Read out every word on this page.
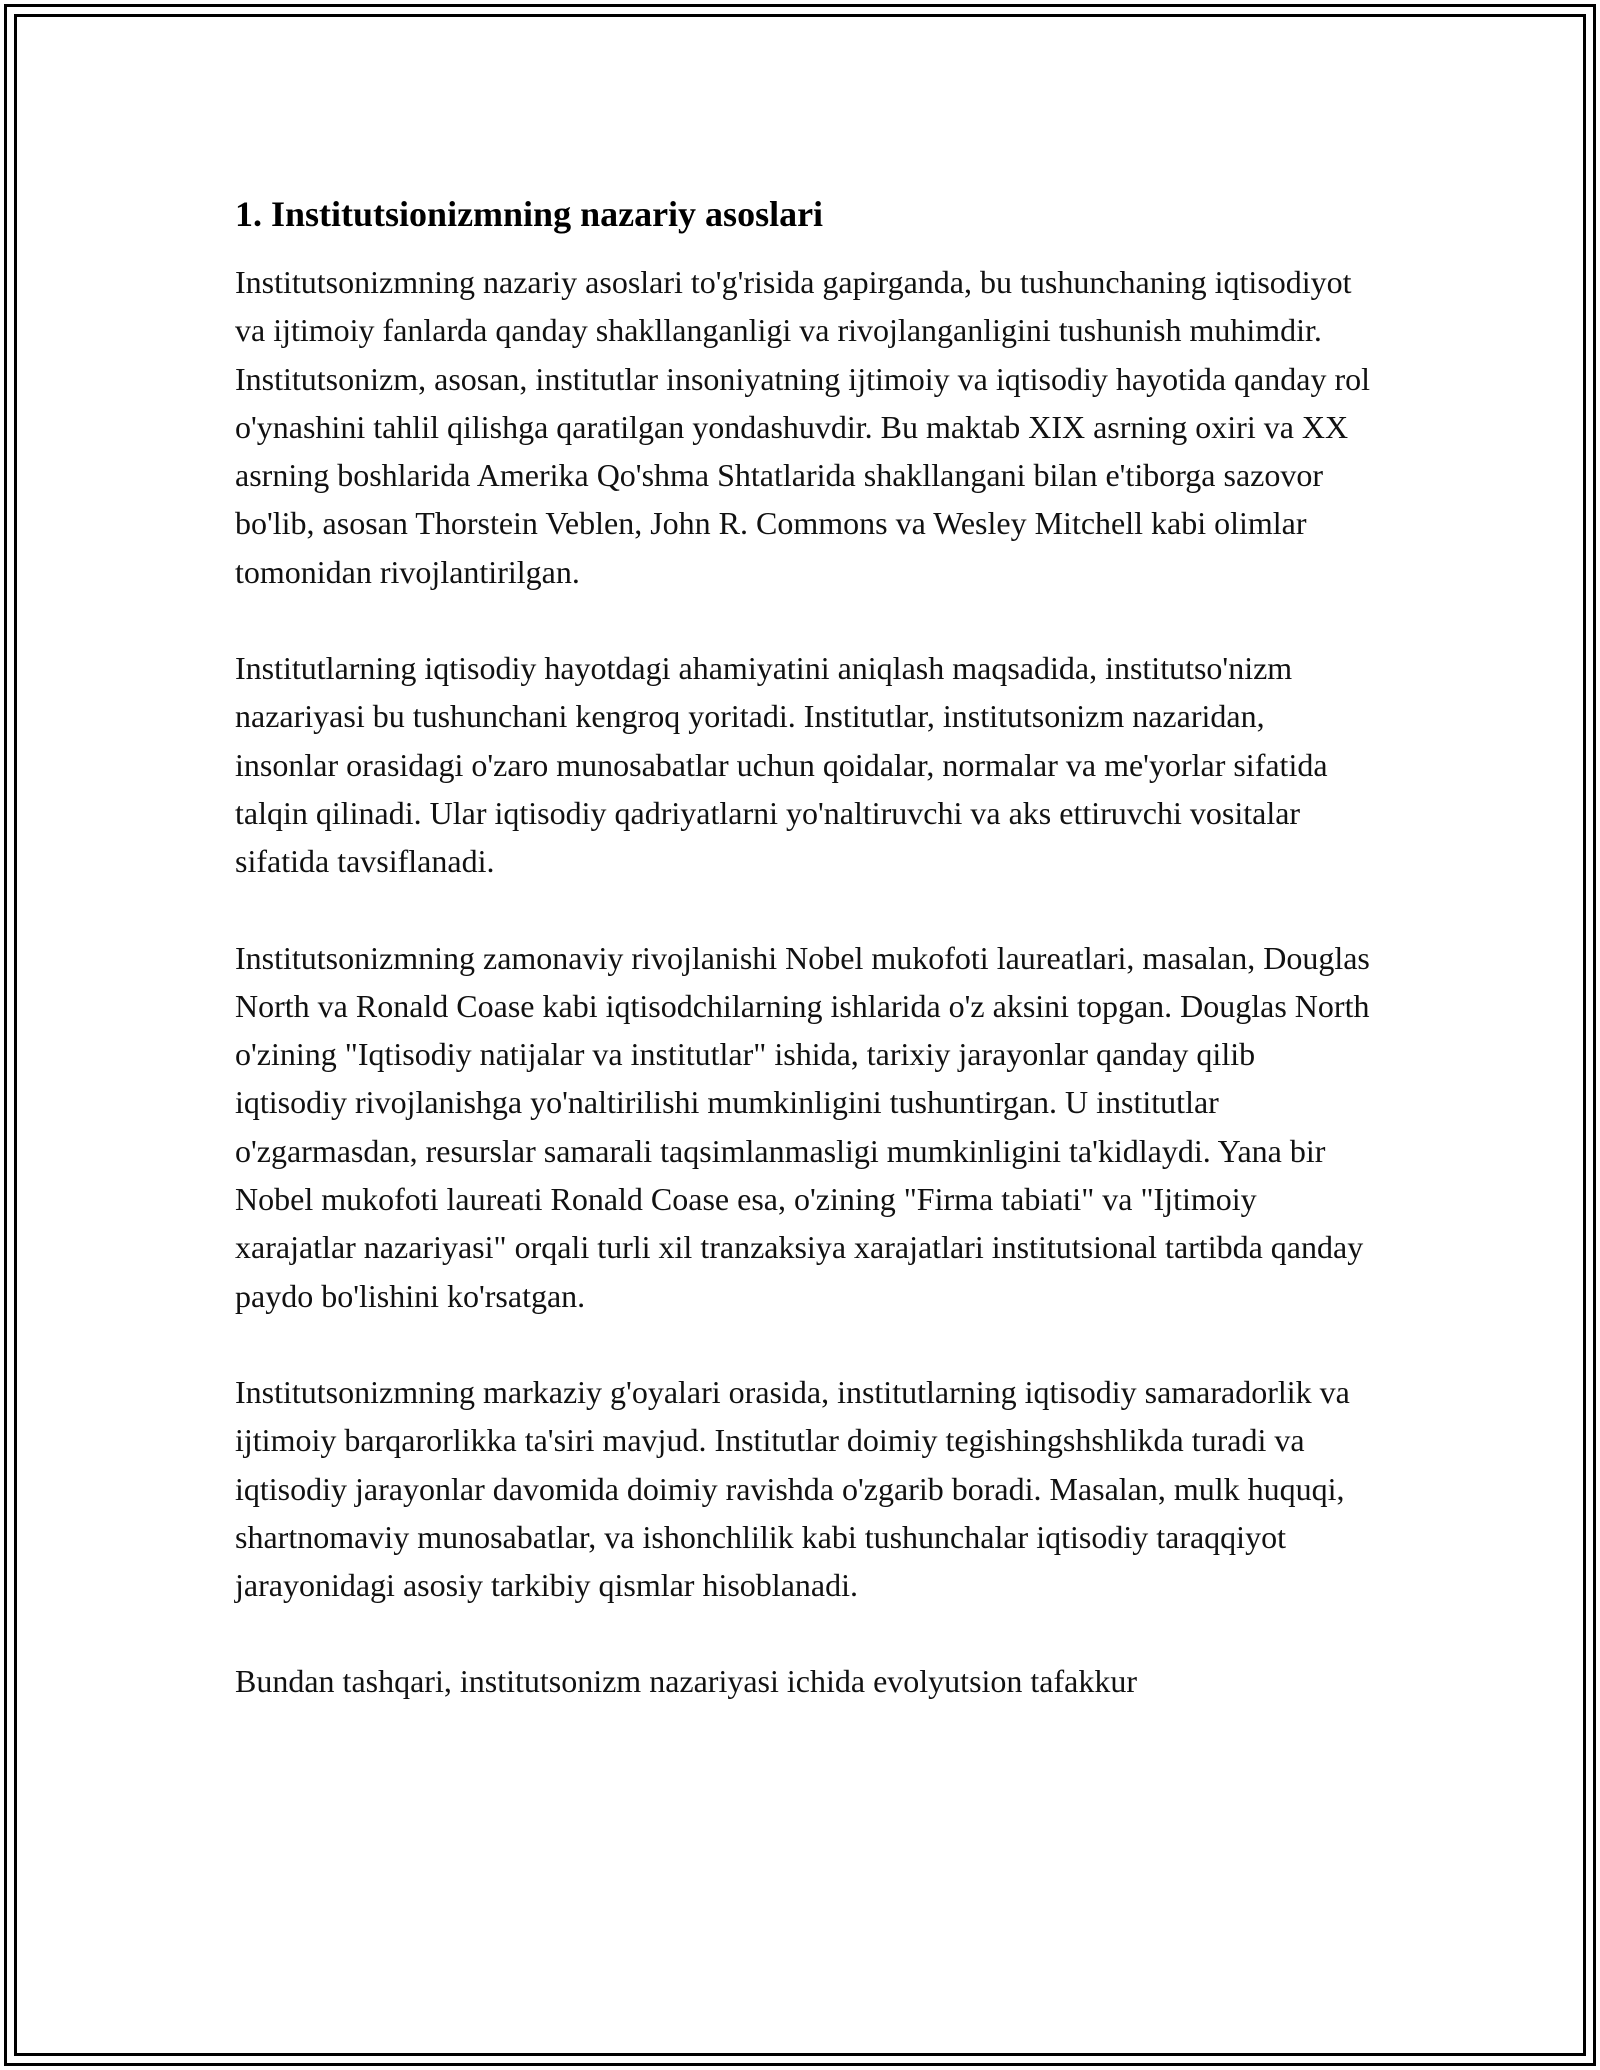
1. Institutsionizmning nazariy asoslari

Institutsonizmning nazariy asoslari to'g'risida gapirganda, bu tushunchaning iqtisodiyot va ijtimoiy fanlarda qanday shakllanganligi va rivojlanganligini tushunish muhimdir. Institutsonizm, asosan, institutlar insoniyatning ijtimoiy va iqtisodiy hayotida qanday rol o'ynashini tahlil qilishga qaratilgan yondashuvdir. Bu maktab XIX asrning oxiri va XX asrning boshlarida Amerika Qo'shma Shtatlarida shakllangani bilan e'tiborga sazovor bo'lib, asosan Thorstein Veblen, John R. Commons va Wesley Mitchell kabi olimlar tomonidan rivojlantirilgan.

Institutlarning iqtisodiy hayotdagi ahamiyatini aniqlash maqsadida, institutso'nizm nazariyasi bu tushunchani kengroq yoritadi. Institutlar, institutsonizm nazaridan, insonlar orasidagi o'zaro munosabatlar uchun qoidalar, normalar va me'yorlar sifatida talqin qilinadi. Ular iqtisodiy qadriyatlarni yo'naltiruvchi va aks ettiruvchi vositalar sifatida tavsiflanadi.

Institutsonizmning zamonaviy rivojlanishi Nobel mukofoti laureatlari, masalan, Douglas North va Ronald Coase kabi iqtisodchilarning ishlarida o'z aksini topgan. Douglas North o'zining "Iqtisodiy natijalar va institutlar" ishida, tarixiy jarayonlar qanday qilib iqtisodiy rivojlanishga yo'naltirilishi mumkinligini tushuntirgan. U institutlar o'zgarmasdan, resurslar samarali taqsimlanmasligi mumkinligini ta'kidlaydi. Yana bir Nobel mukofoti laureati Ronald Coase esa, o'zining "Firma tabiati" va "Ijtimoiy xarajatlar nazariyasi" orqali turli xil tranzaksiya xarajatlari institutsional tartibda qanday paydo bo'lishini ko'rsatgan.

Institutsonizmning markaziy g'oyalari orasida, institutlarning iqtisodiy samaradorlik va ijtimoiy barqarorlikka ta'siri mavjud. Institutlar doimiy tegishingshshlikda turadi va iqtisodiy jarayonlar davomida doimiy ravishda o'zgarib boradi. Masalan, mulk huquqi, shartnomaviy munosabatlar, va ishonchlilik kabi tushunchalar iqtisodiy taraqqiyot jarayonidagi asosiy tarkibiy qismlar hisoblanadi.

Bundan tashqari, institutsonizm nazariyasi ichida evolyutsion tafakkur
